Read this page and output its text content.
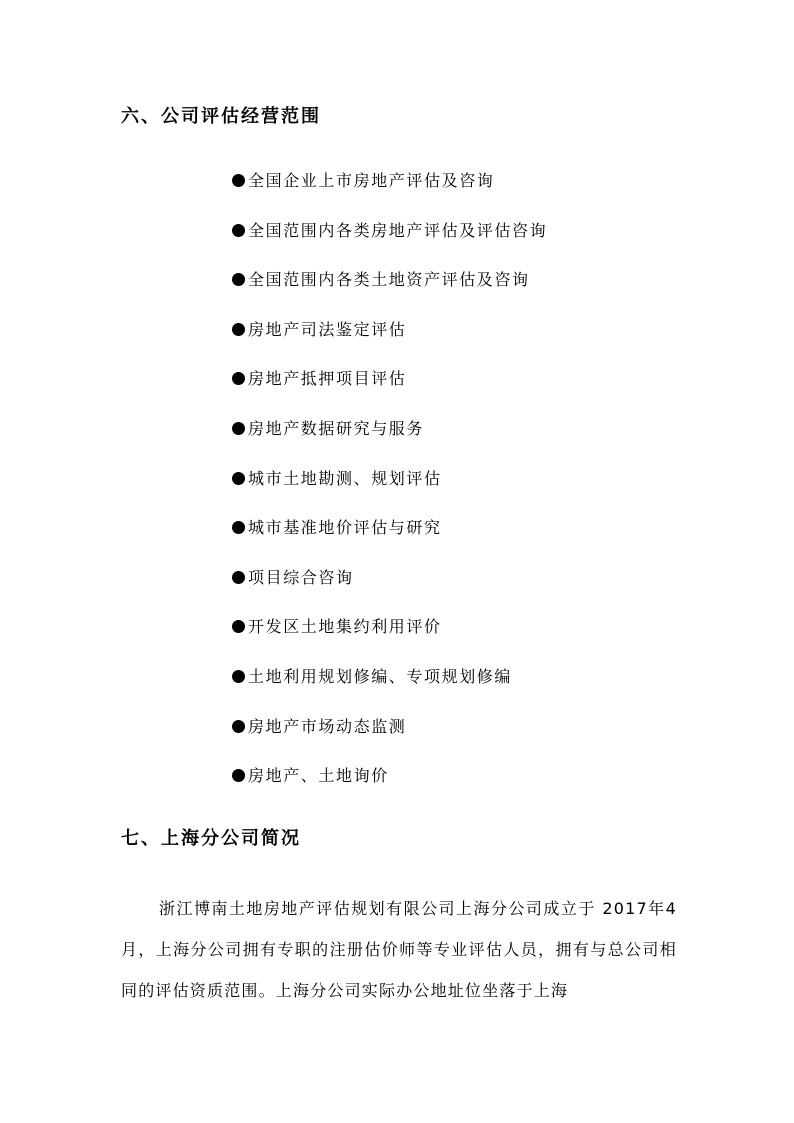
六、公司评估经营范围
全国企业上市房地产评估及咨询
全国范围内各类房地产评估及评估咨询
全国范围内各类土地资产评估及咨询
房地产司法鉴定评估
房地产抵押项目评估
房地产数据研究与服务
城市土地勘测、规划评估
城市基准地价评估与研究
项目综合咨询
开发区土地集约利用评价
土地利用规划修编、专项规划修编
房地产市场动态监测
房地产、土地询价
七、上海分公司简况

浙江博南土地房地产评估规划有限公司上海分公司成立于 2017年4月，上海分公司拥有专职的注册估价师等专业评估人员，拥有与总公司相同的评估资质范围。上海分公司实际办公地址位坐落于上海
